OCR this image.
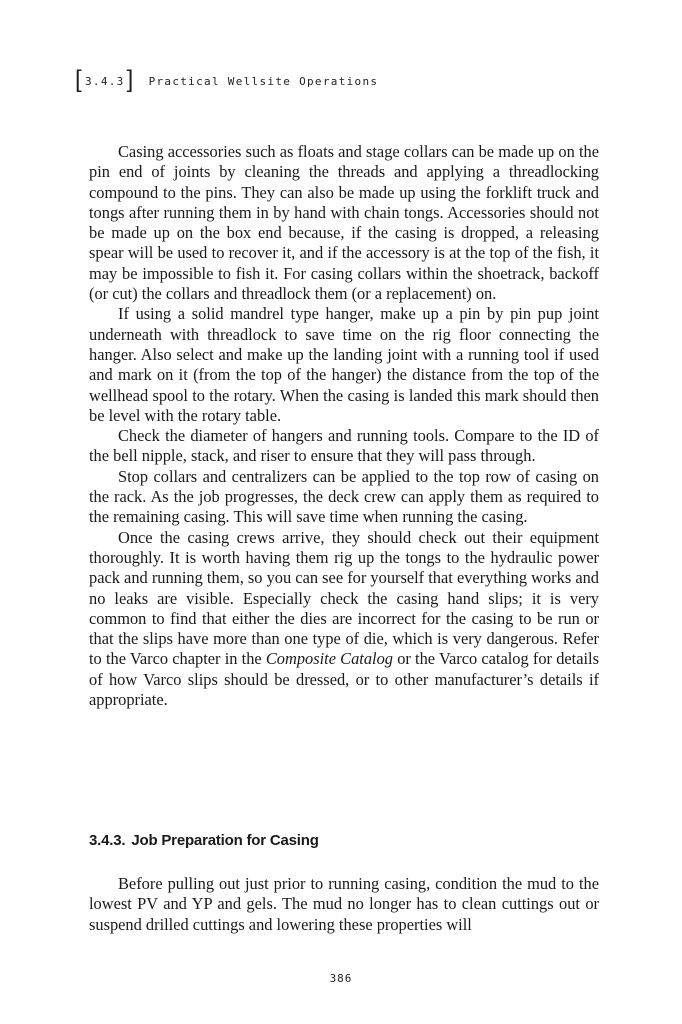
[ 3.4.3 ] Practical Wellsite Operations

Casing accessories such as floats and stage collars can be made up on the pin end of joints by cleaning the threads and applying a threadlocking compound to the pins. They can also be made up using the forklift truck and tongs after running them in by hand with chain tongs. Accessories should not be made up on the box end because, if the casing is dropped, a releasing spear will be used to recover it, and if the accessory is at the top of the fish, it may be impossible to fish it. For casing collars within the shoetrack, backoff (or cut) the collars and threadlock them (or a replacement) on.

If using a solid mandrel type hanger, make up a pin by pin pup joint underneath with threadlock to save time on the rig floor connecting the hanger. Also select and make up the landing joint with a running tool if used and mark on it (from the top of the hanger) the distance from the top of the wellhead spool to the rotary. When the casing is landed this mark should then be level with the rotary table.

Check the diameter of hangers and running tools. Compare to the ID of the bell nipple, stack, and riser to ensure that they will pass through.

Stop collars and centralizers can be applied to the top row of casing on the rack. As the job progresses, the deck crew can apply them as required to the remaining casing. This will save time when running the casing.

Once the casing crews arrive, they should check out their equipment thoroughly. It is worth having them rig up the tongs to the hydraulic power pack and running them, so you can see for yourself that everything works and no leaks are visible. Especially check the casing hand slips; it is very common to find that either the dies are incorrect for the casing to be run or that the slips have more than one type of die, which is very dangerous. Refer to the Varco chapter in the Composite Catalog or the Varco catalog for details of how Varco slips should be dressed, or to other manufacturer’s details if appropriate.

3.4.3. Job Preparation for Casing

Before pulling out just prior to running casing, condition the mud to the lowest PV and YP and gels. The mud no longer has to clean cuttings out or suspend drilled cuttings and lowering these properties will

386
